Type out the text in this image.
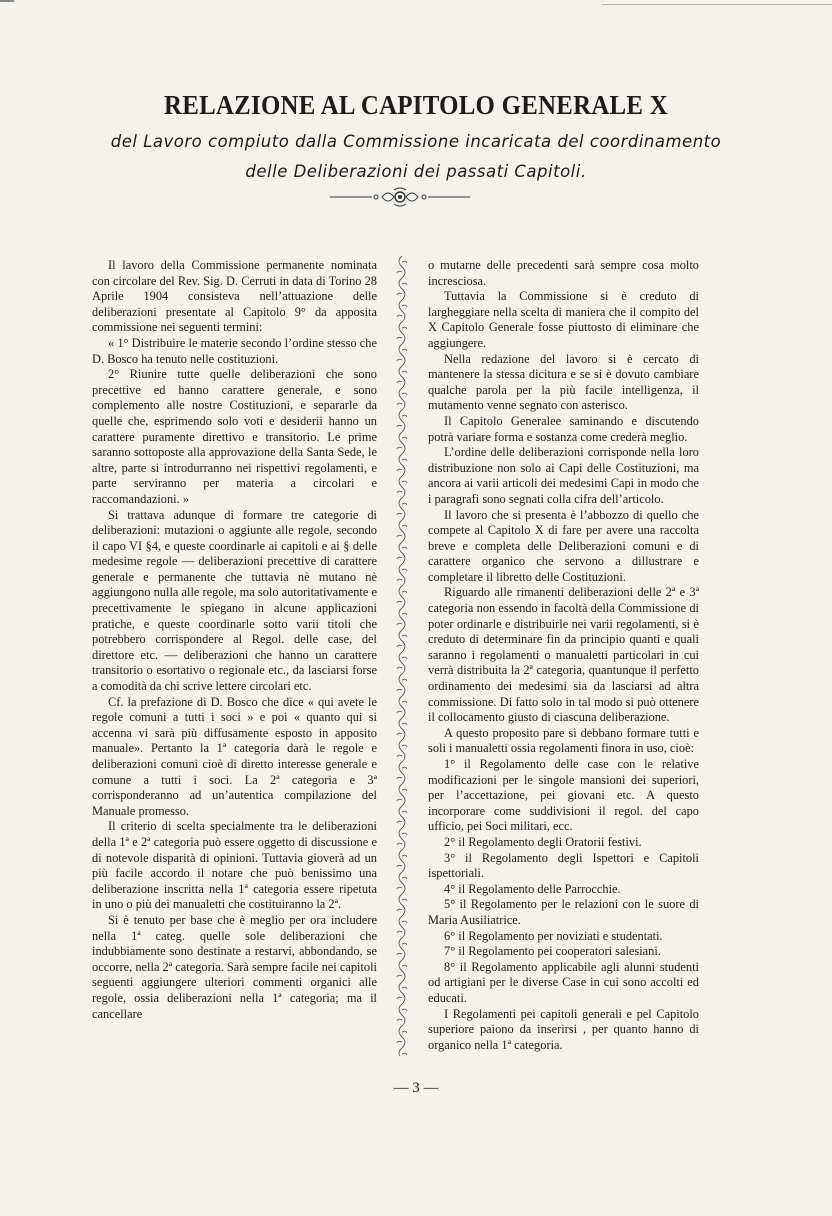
RELAZIONE AL CAPITOLO GENERALE X
del Lavoro compiuto dalla Commissione incaricata del coordinamento
delle Deliberazioni dei passati Capitoli.

Il lavoro della Commissione permanente nominata con circolare del Rev. Sig. D. Cerruti in data di Torino 28 Aprile 1904 consisteva nell’attuazione delle deliberazioni presentate al Capitolo 9° da apposita commissione nei seguenti termini:

« 1° Distribuire le materie secondo l’ordine stesso che D. Bosco ha tenuto nelle costituzioni.

2° Riunire tutte quelle deliberazioni che sono precettive ed hanno carattere generale, e sono complemento alle nostre Costituzioni, e separarle da quelle che, esprimendo solo voti e desiderii hanno un carattere puramente direttivo e transitorio. Le prime saranno sottoposte alla approvazione della Santa Sede, le altre, parte si introdurranno nei rispettivi regolamenti, e parte serviranno per materia a circolari e raccomandazioni. »

Si trattava adunque di formare tre categorie di deliberazioni: mutazioni o aggiunte alle regole, secondo il capo VI §4, e queste coordinarle ai capitoli e ai § delle medesime regole — deliberazioni precettive di carattere generale e permanente che tuttavia nè mutano nè aggiungono nulla alle regole, ma solo autoritativamente e precettivamente le spiegano in alcune applicazioni pratiche, e queste coordinarle sotto varii titoli che potrebbero corrispondere al Regol. delle case, del direttore etc. — deliberazioni che hanno un carattere transitorio o esortativo o regionale etc., da lasciarsi forse a comodità da chi scrive lettere circolari etc.

Cf. la prefazione di D. Bosco che dice « qui avete le regole comuni a tutti i soci » e poi « quanto qui si accenna vi sarà più diffusamente esposto in apposito manuale». Pertanto la 1ª categoria darà le regole e deliberazioni comuni cioè di diretto interesse generale e comune a tutti i soci. La 2ª categoria e 3ª corrisponderanno ad un’autentica compilazione del Manuale promesso.

Il criterio di scelta specialmente tra le deliberazioni della 1ª e 2ª categoria può essere oggetto di discussione e di notevole disparità di opinioni. Tuttavia gioverà ad un più facile accordo il notare che può benissimo una deliberazione inscritta nella 1ª categoria essere ripetuta in uno o più dei manualetti che costituiranno la 2ª.

Si è tenuto per base che è meglio per ora includere nella 1ª categ. quelle sole deliberazioni che indubbiamente sono destinate a restarvi, abbondando, se occorre, nella 2ª categoria. Sarà sempre facile nei capitoli seguenti aggiungere ulteriori commenti organici alle regole, ossia deliberazioni nella 1ª categoria; ma il cancellare

o mutarne delle precedenti sarà sempre cosa molto incresciosa.

Tuttavia la Commissione si è creduto di largheggiare nella scelta di maniera che il compito del X Capitolo Generale fosse piuttosto di eliminare che aggiungere.

Nella redazione del lavoro si è cercato di mantenere la stessa dicitura e se si è dovuto cambiare qualche parola per la più facile intelligenza, il mutamento venne segnato con asterisco.

Il Capitolo Generalee saminando e discutendo potrà variare forma e sostanza come crederà meglio.

L’ordine delle deliberazioni corrisponde nella loro distribuzione non solo ai Capi delle Costituzioni, ma ancora ai varii articoli dei medesimi Capi in modo che i paragrafi sono segnati colla cifra dell’articolo.

Il lavoro che si presenta è l’abbozzo di quello che compete al Capitolo X di fare per avere una raccolta breve e completa delle Deliberazioni comuni e di carattere organico che servono a dillustrare e completare il libretto delle Costituzioni.

Riguardo alle rimanenti deliberazioni delle 2ª e 3ª categoria non essendo in facoltà della Commissione di poter ordinarle e distribuirle nei varii regolamenti, si è creduto di determinare fin da principio quanti e quali saranno i regolamenti o manualetti particolari in cui verrà distribuita la 2ª categoria, quantunque il perfetto ordinamento dei medesimi sia da lasciarsi ad altra commissione. Di fatto solo in tal modo si può ottenere il collocamento giusto di ciascuna deliberazione.

A questo proposito pare si debbano formare tutti e soli i manualetti ossia regolamenti finora in uso, cioè:

1° il Regolamento delle case con le relative modificazioni per le singole mansioni dei superiori, per l’accettazione, pei giovani etc. A questo incorporare come suddivisioni il regol. del capo ufficio, pei Soci militari, ecc.

2° il Regolamento degli Oratorii festivi.

3° il Regolamento degli Ispettori e Capitoli ispettoriali.

4° il Regolamento delle Parrocchie.

5° il Regolamento per le relazioni con le suore di Maria Ausiliatrice.

6° il Regolamento per noviziati e studentati.

7° il Regolamento pei cooperatori salesiani.

8° il Regolamento applicabile agli alunni studenti od artigiani per le diverse Case in cui sono accolti ed educati.

I Regolamenti pei capitoli generali e pel Capitolo superiore paiono da inserirsi , per quanto hanno di organico nella 1ª categoria.

— 3 —
